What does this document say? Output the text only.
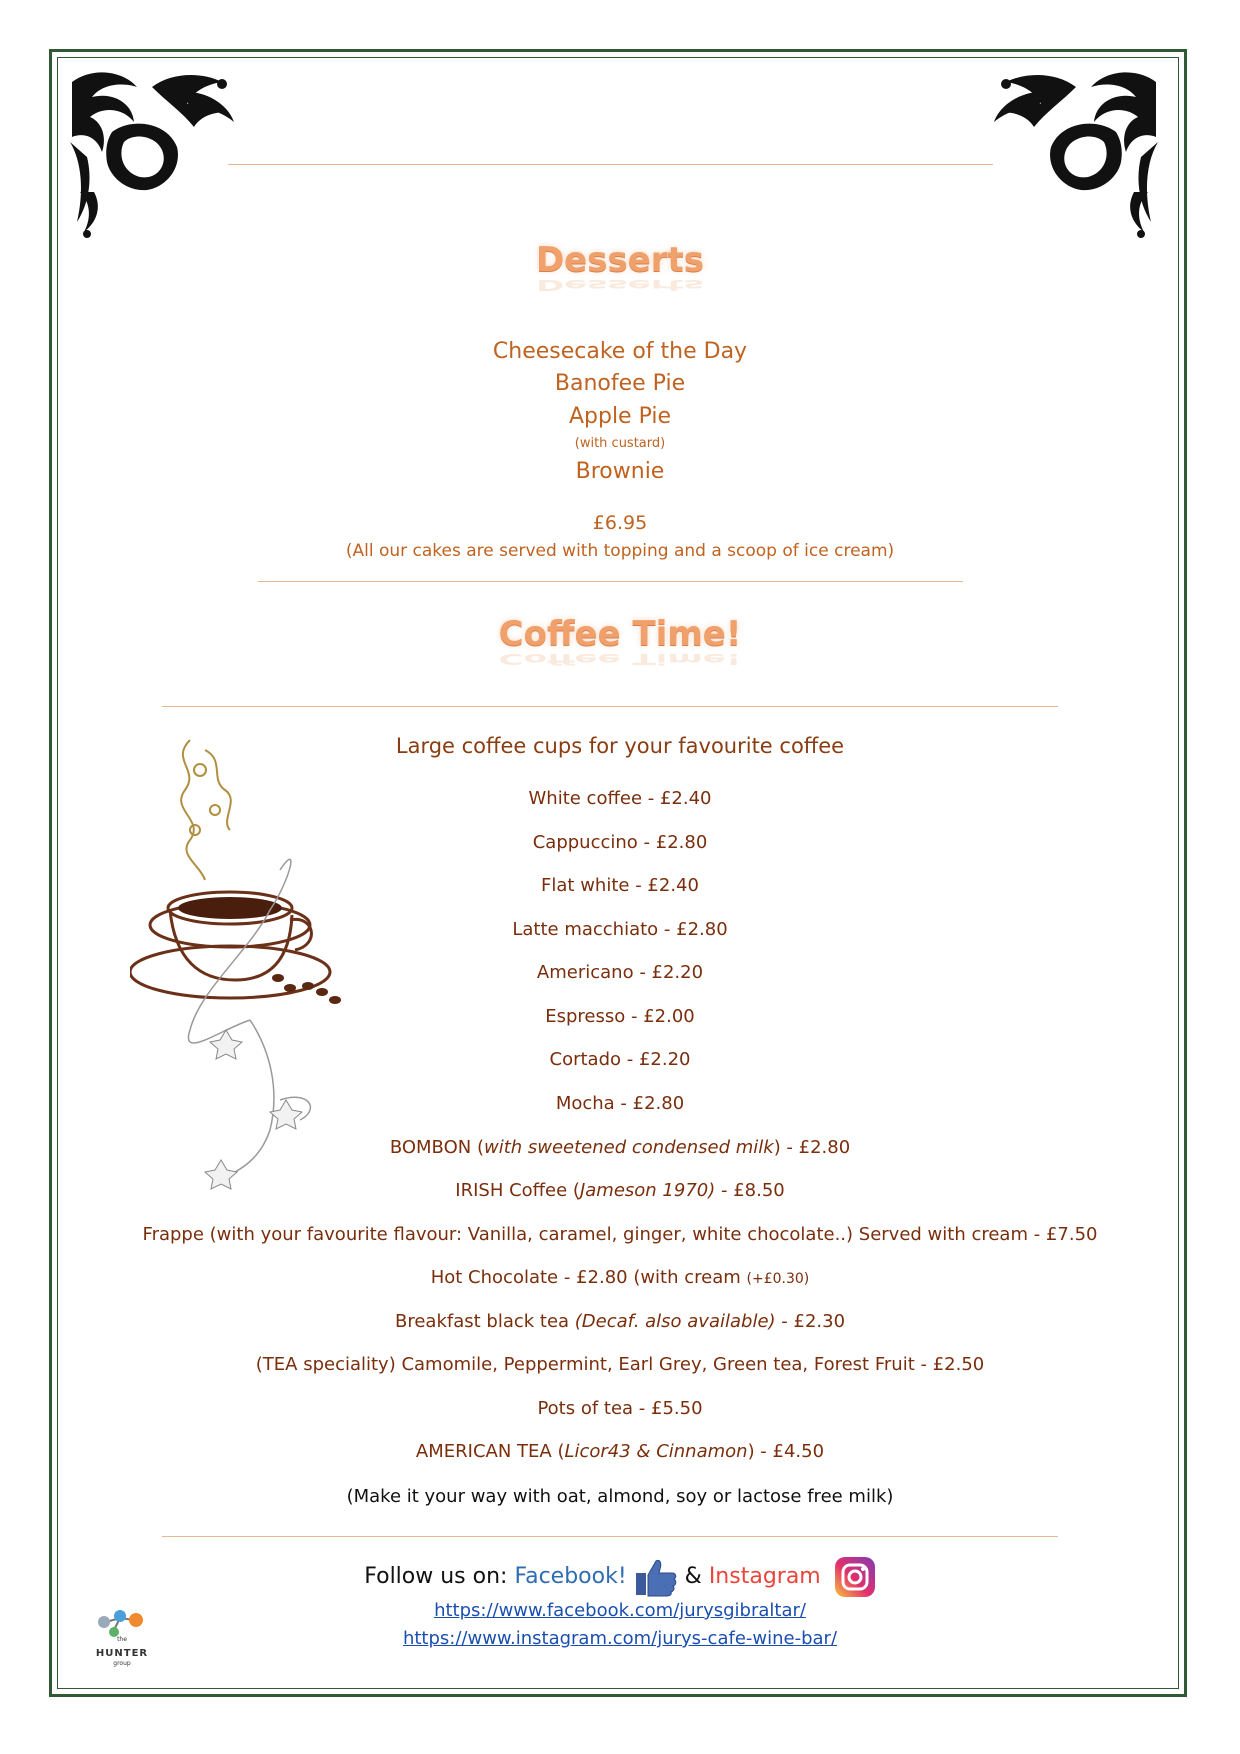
Desserts
Desserts
Cheesecake of the Day
Banofee Pie
Apple Pie
(with custard)
Brownie
£6.95
(All our cakes are served with topping and a scoop of ice cream)
Coffee Time!
Coffee Time!
Large coffee cups for your favourite coffee
White coffee - £2.40
Cappuccino - £2.80
Flat white - £2.40
Latte macchiato - £2.80
Americano - £2.20
Espresso - £2.00
Cortado - £2.20
Mocha - £2.80
BOMBON (with sweetened condensed milk) - £2.80
IRISH Coffee (Jameson 1970) - £8.50
Frappe (with your favourite flavour: Vanilla, caramel, ginger, white chocolate..) Served with cream - £7.50
Hot Chocolate - £2.80 (with cream (+£0.30)
Breakfast black tea (Decaf. also available) - £2.30
(TEA speciality) Camomile, Peppermint, Earl Grey, Green tea, Forest Fruit - £2.50
Pots of tea - £5.50
AMERICAN TEA (Licor43 & Cinnamon) - £4.50
(Make it your way with oat, almond, soy or lactose free milk)
Follow us on: Facebook!	& Instagram
https://www.facebook.com/jurysgibraltar/
https://www.instagram.com/jurys-cafe-wine-bar/
the
HUNTER
group
